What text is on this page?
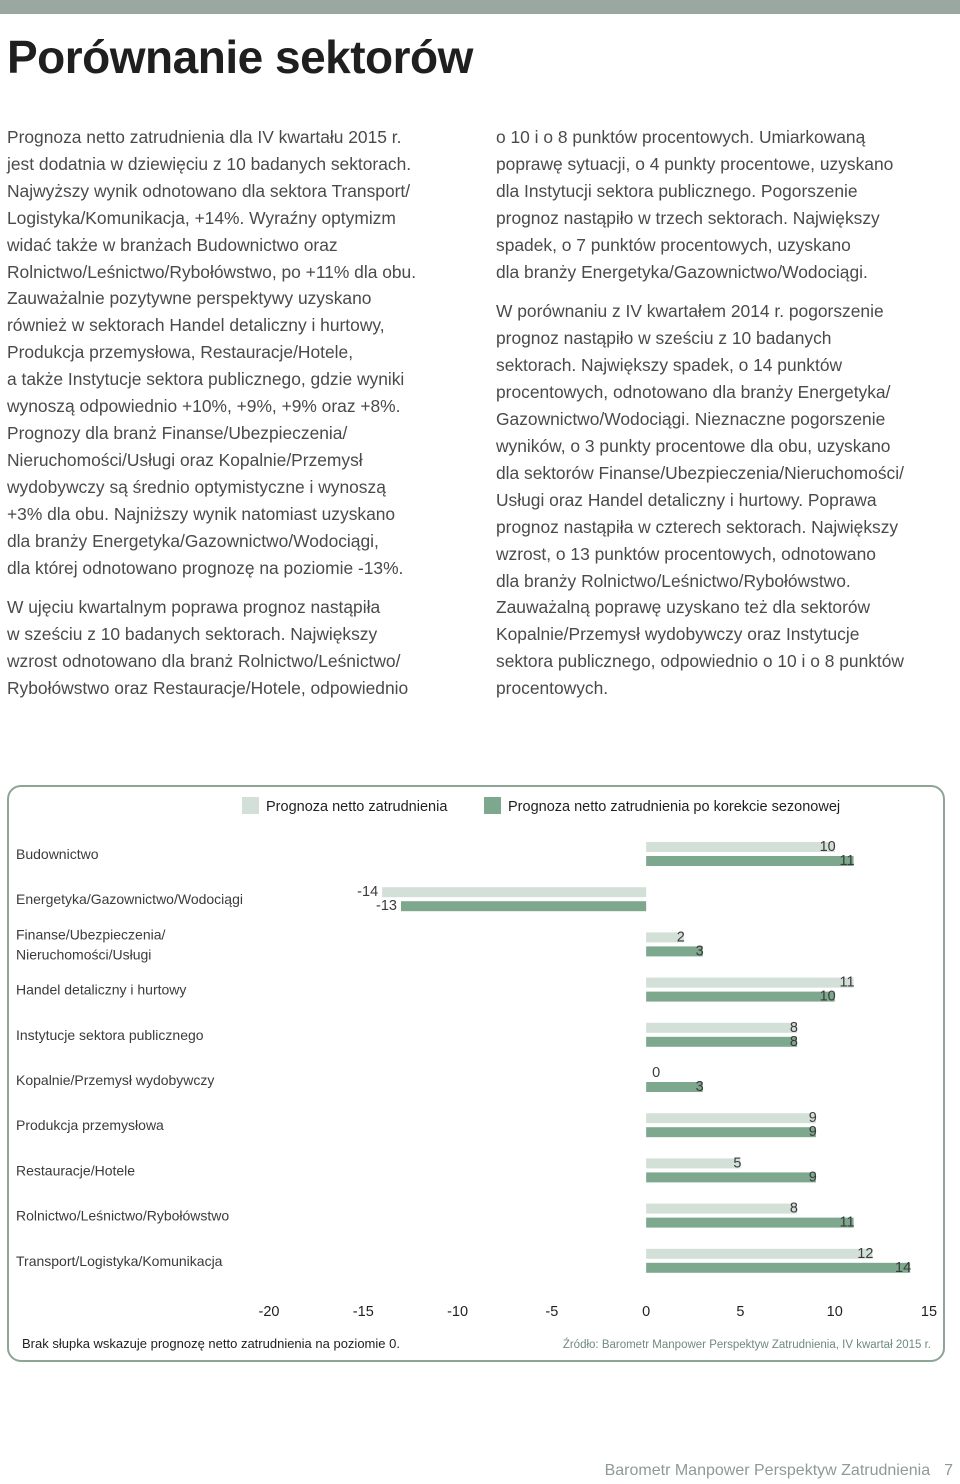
Porównanie sektorów

Prognoza netto zatrudnienia dla IV kwartału 2015 r.
jest dodatnia w dziewięciu z 10 badanych sektorach.
Najwyższy wynik odnotowano dla sektora Transport/
Logistyka/Komunikacja, +14%. Wyraźny optymizm
widać także w branżach Budownictwo oraz
Rolnictwo/Leśnictwo/Rybołówstwo, po +11% dla obu.
Zauważalnie pozytywne perspektywy uzyskano
również w sektorach Handel detaliczny i hurtowy,
Produkcja przemysłowa, Restauracje/Hotele,
a także Instytucje sektora publicznego, gdzie wyniki
wynoszą odpowiednio +10%, +9%, +9% oraz +8%.
Prognozy dla branż Finanse/Ubezpieczenia/
Nieruchomości/Usługi oraz Kopalnie/Przemysł
wydobywczy są średnio optymistyczne i wynoszą
+3% dla obu. Najniższy wynik natomiast uzyskano
dla branży Energetyka/Gazownictwo/Wodociągi,
dla której odnotowano prognozę na poziomie -13%.

W ujęciu kwartalnym poprawa prognoz nastąpiła
w sześciu z 10 badanych sektorach. Największy
wzrost odnotowano dla branż Rolnictwo/Leśnictwo/
Rybołówstwo oraz Restauracje/Hotele, odpowiednio

o 10 i o 8 punktów procentowych. Umiarkowaną
poprawę sytuacji, o 4 punkty procentowe, uzyskano
dla Instytucji sektora publicznego. Pogorszenie
prognoz nastąpiło w trzech sektorach. Największy
spadek, o 7 punktów procentowych, uzyskano
dla branży Energetyka/Gazownictwo/Wodociągi.

W porównaniu z IV kwartałem 2014 r. pogorszenie
prognoz nastąpiło w sześciu z 10 badanych
sektorach. Największy spadek, o 14 punktów
procentowych, odnotowano dla branży Energetyka/
Gazownictwo/Wodociągi. Nieznaczne pogorszenie
wyników, o 3 punkty procentowe dla obu, uzyskano
dla sektorów Finanse/Ubezpieczenia/Nieruchomości/
Usługi oraz Handel detaliczny i hurtowy. Poprawa
prognoz nastąpiła w czterech sektorach. Największy
wzrost, o 13 punktów procentowych, odnotowano
dla branży Rolnictwo/Leśnictwo/Rybołówstwo.
Zauważalną poprawę uzyskano też dla sektorów
Kopalnie/Przemysł wydobywczy oraz Instytucje
sektora publicznego, odpowiednio o 10 i o 8 punktów
procentowych.

Prognoza netto zatrudnienia	Prognoza netto zatrudnienia po korekcie sezonowej
Budownictwo	10
11
Energetyka/Gazownictwo/Wodociągi	-14
-13
Finanse/Ubezpieczenia/
Nieruchomości/Usługi
2
3
Handel detaliczny i hurtowy	11
10
Instytucje sektora publicznego	8
8
Kopalnie/Przemysł wydobywczy	0
3
Produkcja przemysłowa	9
9
Restauracje/Hotele	5
9
Rolnictwo/Leśnictwo/Rybołówstwo	8
11
Transport/Logistyka/Komunikacja	12
14
-20	-15	-10	-5	0	5	10	15
Brak słupka wskazuje prognozę netto zatrudnienia na poziomie 0.	Źródło: Barometr Manpower Perspektyw Zatrudnienia, IV kwartał 2015 r.
Barometr Manpower Perspektyw Zatrudnienia 7
